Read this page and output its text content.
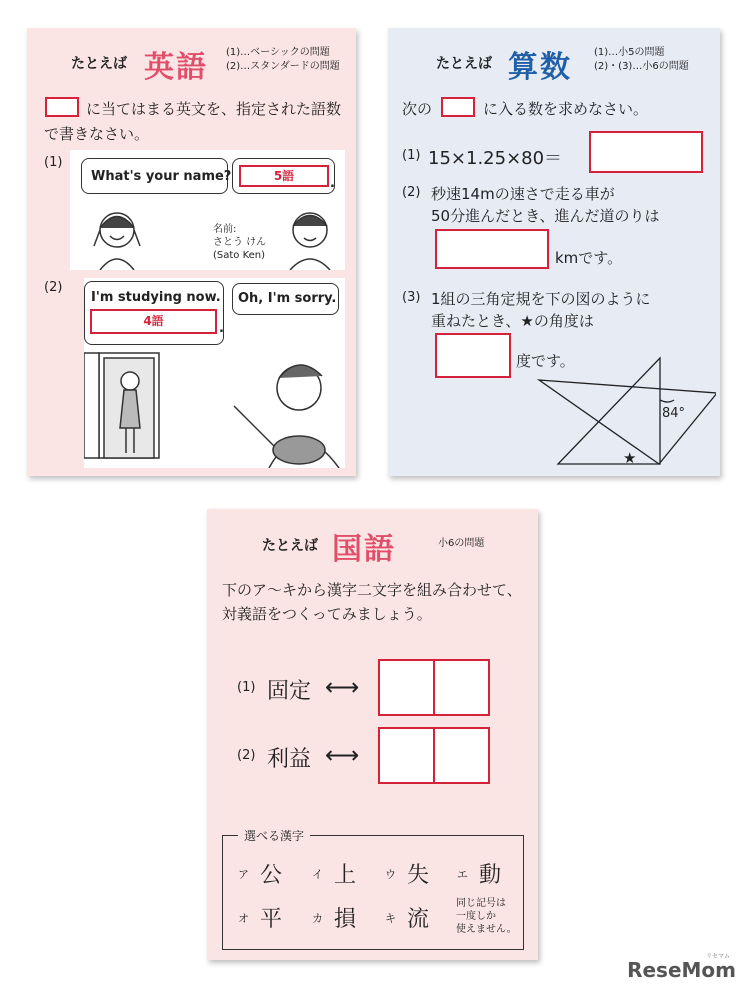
たとえば 英語 (1)…ベーシックの問題
(2)…スタンダードの問題
に当てはまる英文を、指定された語数
で書きなさい。
(1)
What's your name?	5語	.
名前:
さとう けん
(Sato Ken)
(2)
I'm studying now.
4語	.
Oh, I'm sorry.
たとえば 算数 (1)…小5の問題
(2)・(3)…小6の問題
次の	に入る数を求めなさい。
(1) 15×1.25×80＝
(2) 秒速14mの速さで走る車が
50分進んだとき、進んだ道のりは
kmです。
(3) 1組の三角定規を下の図のように
重ねたとき、★の角度は
度です。
84°
★
たとえば 国語	小6の問題
下のア〜キから漢字二文字を組み合わせて、
対義語をつくってみましょう。
(1) 固定 ⟷
(2) 利益 ⟷
選べる漢字
ア 公	イ 上	ウ 失	エ 動
オ 平	カ 損	キ 流
同じ記号は
一度しか
使えません。
リセマム
ReseMom
